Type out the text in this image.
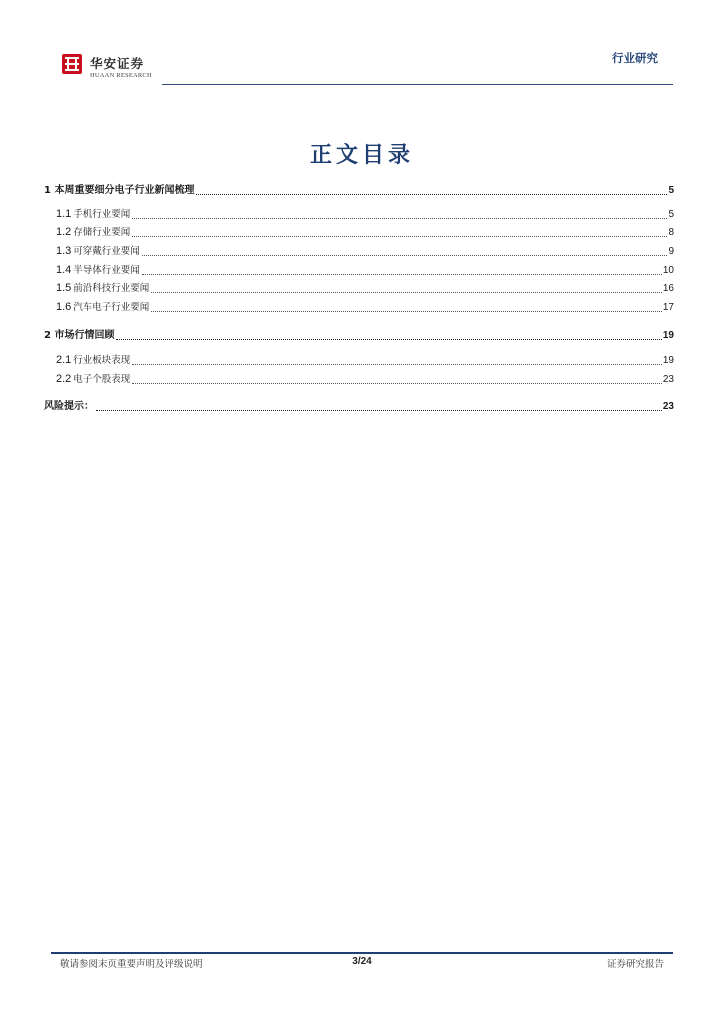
华安证券
HUAAN RESEARCH
行业研究
正文目录
1 本周重要细分电子行业新闻梳理	5
1.1 手机行业要闻	5
1.2 存储行业要闻	8
1.3 可穿戴行业要闻	9
1.4 半导体行业要闻	10
1.5 前沿科技行业要闻	16
1.6 汽车电子行业要闻	17
2 市场行情回顾	19
2.1 行业板块表现	19
2.2 电子个股表现	23
风险提示：	23
敬请参阅末页重要声明及评级说明	3/24	证券研究报告
